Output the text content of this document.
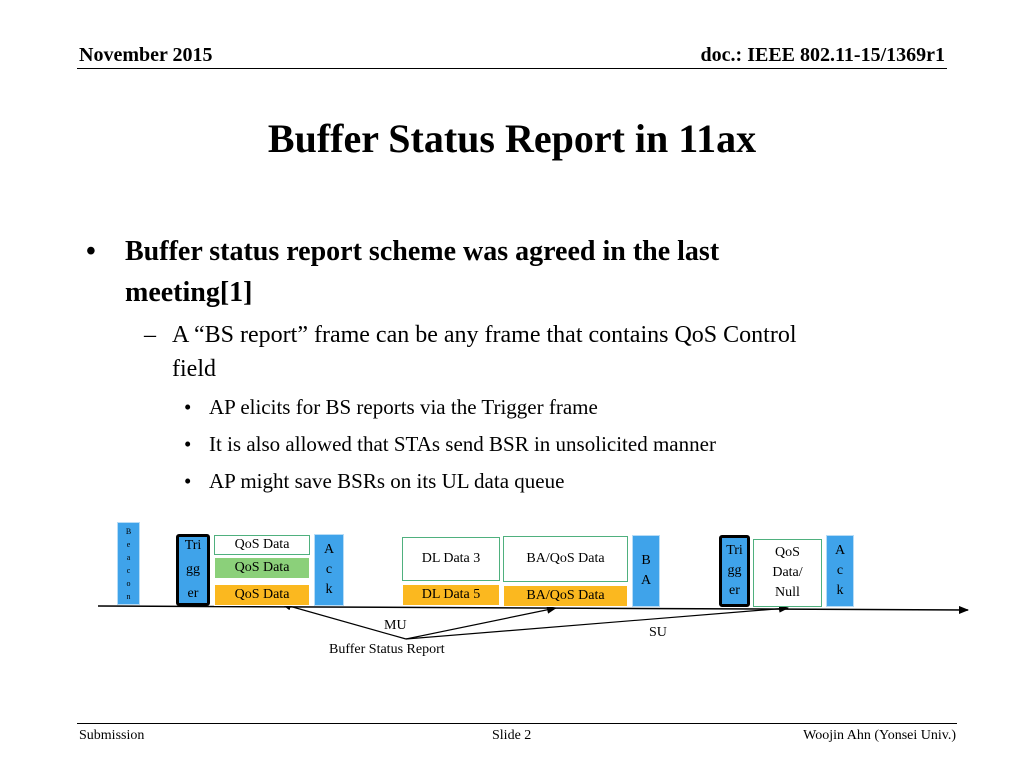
November 2015	doc.: IEEE 802.11-15/1369r1
Buffer Status Report in 11ax
• Buffer status report scheme was agreed in the last
meeting[1]
– A “BS report” frame can be any frame that contains QoS Control
field
• AP elicits for BS reports via the Trigger frame
• It is also allowed that STAs send BSR in unsolicited manner
• AP might save BSRs on its UL data queue
B e a c o n
Tri gg er
QoS Data
QoS Data
QoS Data
A c k
DL Data 3
DL Data 5
BA/QoS Data
BA/QoS Data
B A
Tri gg er
QoS Data/ Null
A c k
MU	SU
Buffer Status Report
Submission	Slide 2	Woojin Ahn (Yonsei Univ.)
